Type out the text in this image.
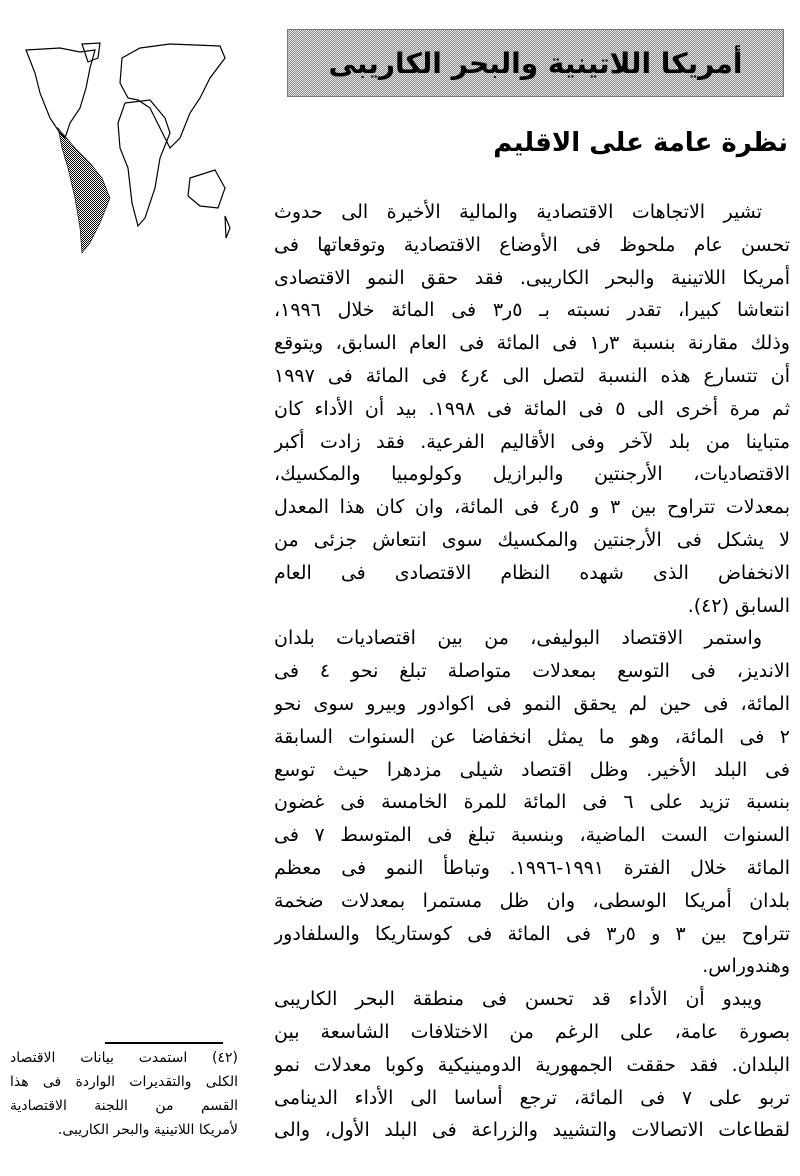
أمريكا اللاتينية والبحر الكاريبى
نظرة عامة على الاقليم
تشير الاتجاهات الاقتصادية والمالية الأخيرة الى حدوث
تحسن عام ملحوظ فى الأوضاع الاقتصادية وتوقعاتها فى
أمريكا اللاتينية والبحر الكاريبى. فقد حقق النمو الاقتصادى
انتعاشا كبيرا، تقدر نسبته بـ ٥ر٣ فى المائة خلال ١٩٩٦،
وذلك مقارنة بنسبة ٣ر١ فى المائة فى العام السابق، ويتوقع
أن تتسارع هذه النسبة لتصل الى ٤ر٤ فى المائة فى ١٩٩٧
ثم مرة أخرى الى ٥ فى المائة فى ١٩٩٨. بيد أن الأداء كان
متباينا من بلد لآخر وفى الأقاليم الفرعية. فقد زادت أكبر
الاقتصاديات، الأرجنتين والبرازيل وكولومبيا والمكسيك،
بمعدلات تتراوح بين ٣ و ٥ر٤ فى المائة، وان كان هذا المعدل
لا يشكل فى الأرجنتين والمكسيك سوى انتعاش جزئى من
الانخفاض الذى شهده النظام الاقتصادى فى العام
السابق (٤٢).
واستمر الاقتصاد البوليفى، من بين اقتصاديات بلدان
الانديز، فى التوسع بمعدلات متواصلة تبلغ نحو ٤ فى
المائة، فى حين لم يحقق النمو فى اكوادور وبيرو سوى نحو
٢ فى المائة، وهو ما يمثل انخفاضا عن السنوات السابقة
فى البلد الأخير. وظل اقتصاد شيلى مزدهرا حيث توسع
بنسبة تزيد على ٦ فى المائة للمرة الخامسة فى غضون
السنوات الست الماضية، وبنسبة تبلغ فى المتوسط ٧ فى
المائة خلال الفترة ١٩٩١-١٩٩٦. وتباطأ النمو فى معظم
بلدان أمريكا الوسطى، وان ظل مستمرا بمعدلات ضخمة
تتراوح بين ٣ و ٥ر٣ فى المائة فى كوستاريكا والسلفادور
وهندوراس.
ويبدو أن الأداء قد تحسن فى منطقة البحر الكاريبى
بصورة عامة، على الرغم من الاختلافات الشاسعة بين
البلدان. فقد حققت الجمهورية الدومينيكية وكوبا معدلات نمو
تربو على ٧ فى المائة، ترجع أساسا الى الأداء الدينامى
لقطاعات الاتصالات والتشييد والزراعة فى البلد الأول، والى
(٤٢) استمدت بيانات الاقتصاد
الكلى والتقديرات الواردة فى هذا
القسم من اللجنة الاقتصادية
لأمريكا اللاتينية والبحر الكاريبى.
